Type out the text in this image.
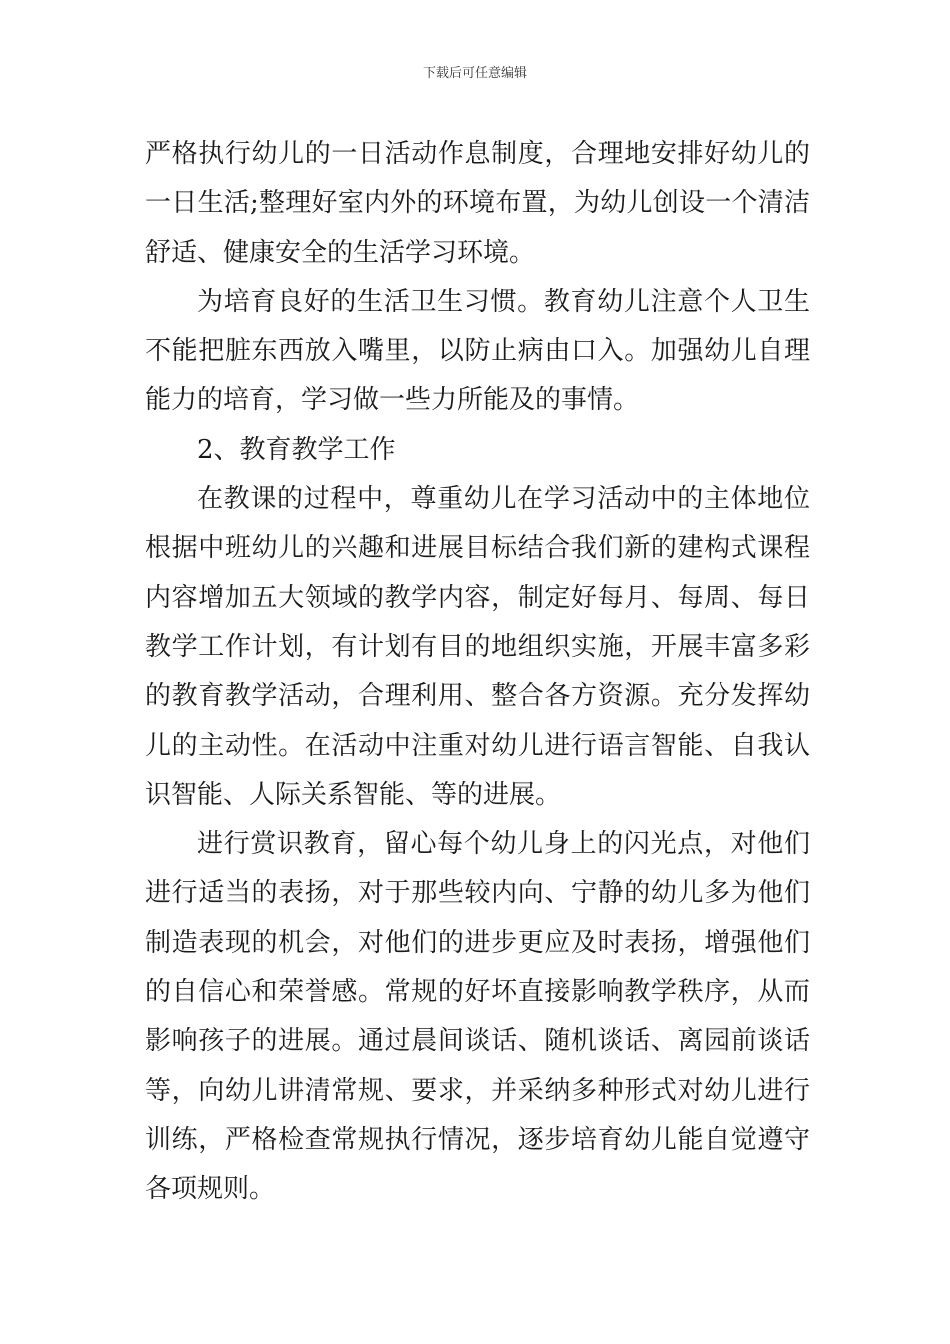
下载后可任意编辑
严格执行幼儿的一日活动作息制度，合理地安排好幼儿的
一日生活;整理好室内外的环境布置，为幼儿创设一个清洁
舒适、健康安全的生活学习环境。
为培育良好的生活卫生习惯。教育幼儿注意个人卫生
不能把脏东西放入嘴里，以防止病由口入。加强幼儿自理
能力的培育，学习做一些力所能及的事情。
2、教育教学工作
在教课的过程中，尊重幼儿在学习活动中的主体地位
根据中班幼儿的兴趣和进展目标结合我们新的建构式课程
内容增加五大领域的教学内容，制定好每月、每周、每日
教学工作计划，有计划有目的地组织实施，开展丰富多彩
的教育教学活动，合理利用、整合各方资源。充分发挥幼
儿的主动性。在活动中注重对幼儿进行语言智能、自我认
识智能、人际关系智能、等的进展。
进行赏识教育，留心每个幼儿身上的闪光点，对他们
进行适当的表扬，对于那些较内向、宁静的幼儿多为他们
制造表现的机会，对他们的进步更应及时表扬，增强他们
的自信心和荣誉感。常规的好坏直接影响教学秩序，从而
影响孩子的进展。通过晨间谈话、随机谈话、离园前谈话
等，向幼儿讲清常规、要求，并采纳多种形式对幼儿进行
训练，严格检查常规执行情况，逐步培育幼儿能自觉遵守
各项规则。
